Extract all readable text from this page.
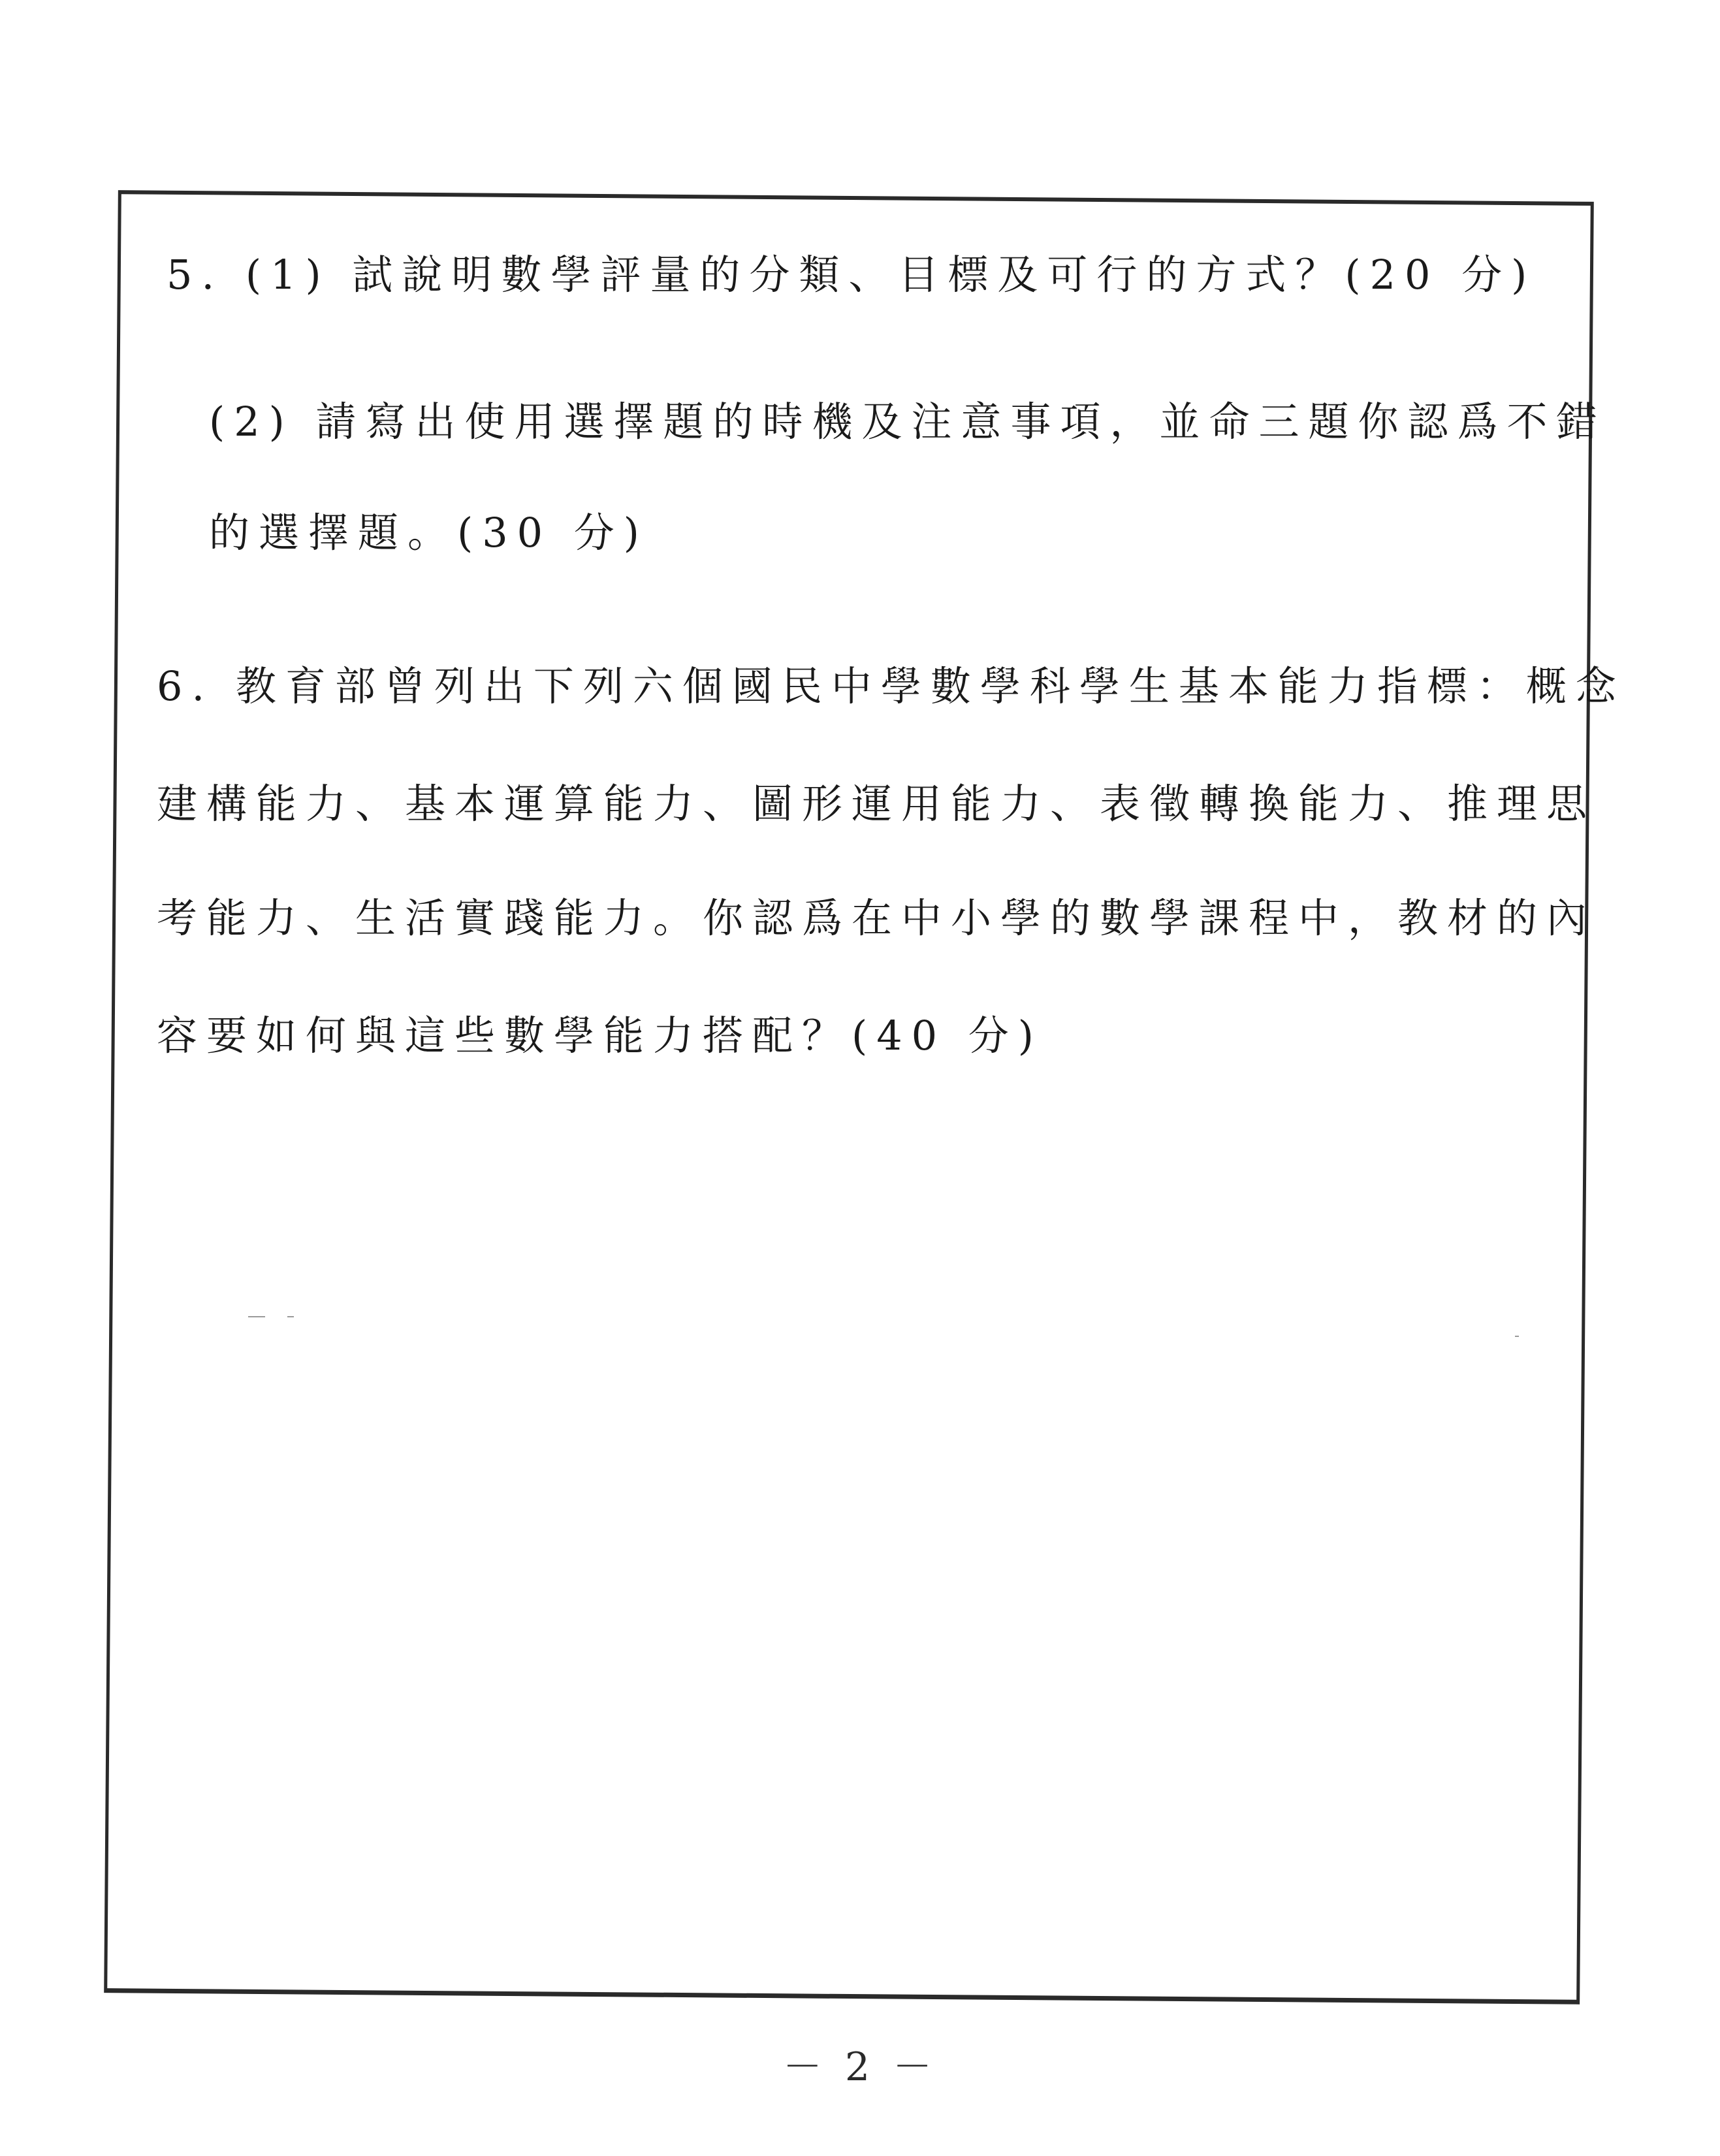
5. (1) 試說明數學評量的分類、目標及可行的方式？(20 分)
(2) 請寫出使用選擇題的時機及注意事項，並命三題你認爲不錯
的選擇題。(30 分)
6. 教育部曾列出下列六個國民中學數學科學生基本能力指標：概念
建構能力、基本運算能力、圖形運用能力、表徵轉換能力、推理思
考能力、生活實踐能力。你認爲在中小學的數學課程中，教材的內
容要如何與這些數學能力搭配？(40 分)
－ 2 －
